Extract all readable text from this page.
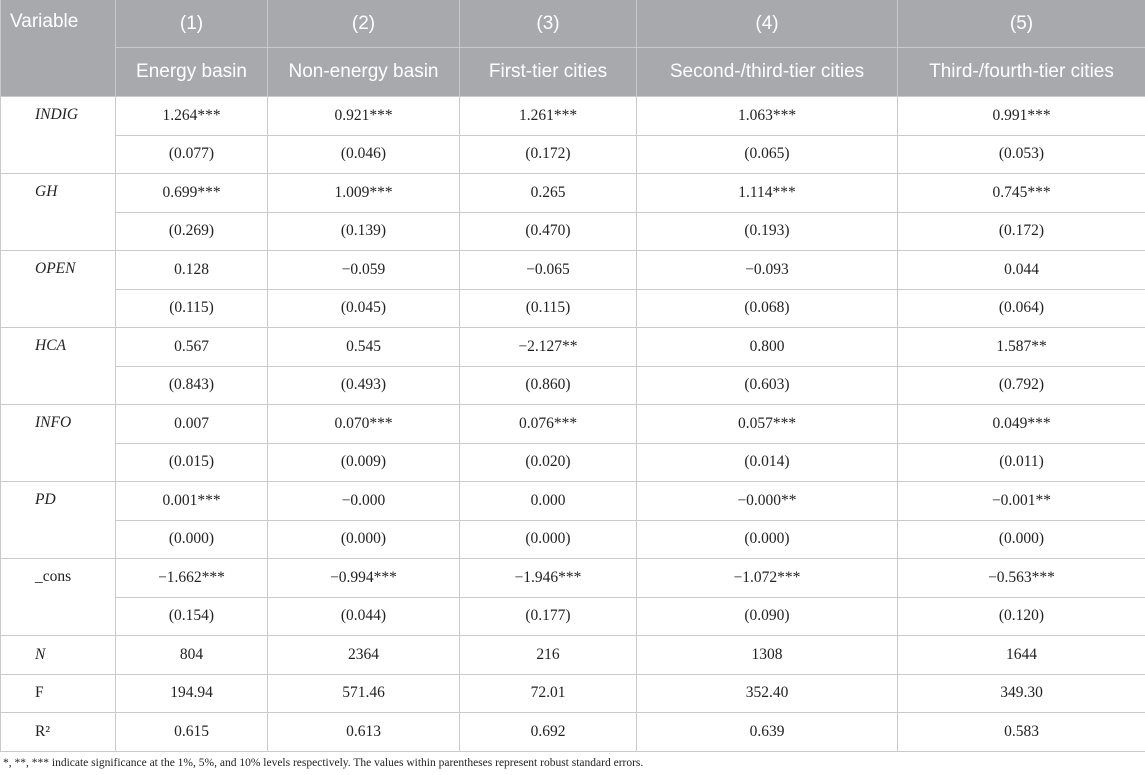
Variable	(1)	(2)	(3)	(4)	(5)
	Energy basin	Non-energy basin	First-tier cities	Second-/third-tier cities	Third-/fourth-tier cities
INDIG	1.264***	0.921***	1.261***	1.063***	0.991***
	(0.077)	(0.046)	(0.172)	(0.065)	(0.053)
GH	0.699***	1.009***	0.265	1.114***	0.745***
	(0.269)	(0.139)	(0.470)	(0.193)	(0.172)
OPEN	0.128	−0.059	−0.065	−0.093	0.044
	(0.115)	(0.045)	(0.115)	(0.068)	(0.064)
HCA	0.567	0.545	−2.127**	0.800	1.587**
	(0.843)	(0.493)	(0.860)	(0.603)	(0.792)
INFO	0.007	0.070***	0.076***	0.057***	0.049***
	(0.015)	(0.009)	(0.020)	(0.014)	(0.011)
PD	0.001***	−0.000	0.000	−0.000**	−0.001**
	(0.000)	(0.000)	(0.000)	(0.000)	(0.000)
_cons	−1.662***	−0.994***	−1.946***	−1.072***	−0.563***
	(0.154)	(0.044)	(0.177)	(0.090)	(0.120)
N	804	2364	216	1308	1644
F	194.94	571.46	72.01	352.40	349.30
R²	0.615	0.613	0.692	0.639	0.583
*, **, *** indicate significance at the 1%, 5%, and 10% levels respectively. The values within parentheses represent robust standard errors.
